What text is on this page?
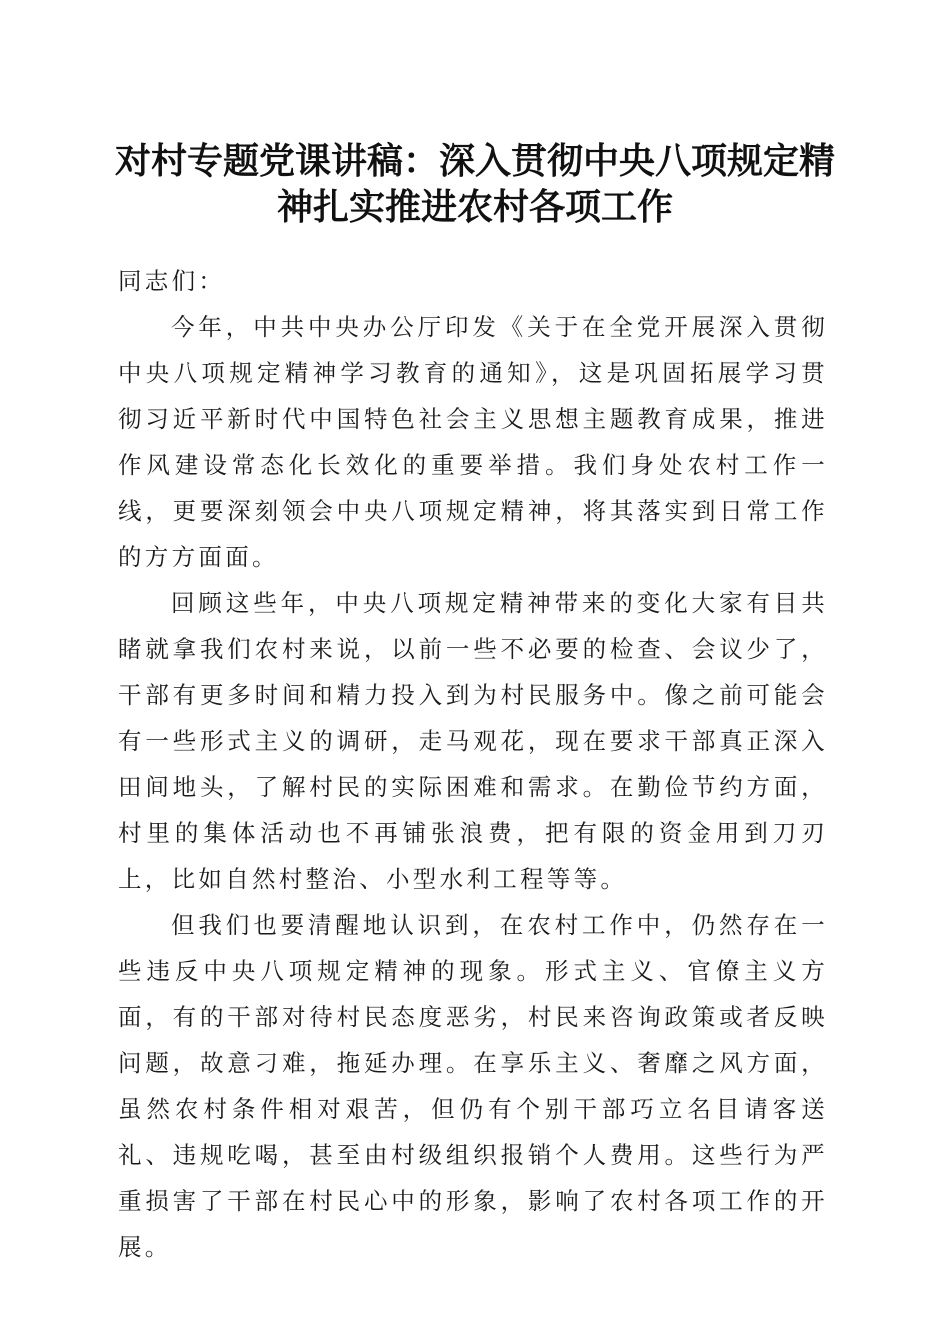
对村专题党课讲稿：深入贯彻中央八项规定精神扎实推进农村各项工作

同志们：

今年，中共中央办公厅印发《关于在全党开展深入贯彻中央八项规定精神学习教育的通知》，这是巩固拓展学习贯彻习近平新时代中国特色社会主义思想主题教育成果，推进作风建设常态化长效化的重要举措。我们身处农村工作一线，更要深刻领会中央八项规定精神，将其落实到日常工作的方方面面。

回顾这些年，中央八项规定精神带来的变化大家有目共睹就拿我们农村来说，以前一些不必要的检查、会议少了，干部有更多时间和精力投入到为村民服务中。像之前可能会有一些形式主义的调研，走马观花，现在要求干部真正深入田间地头，了解村民的实际困难和需求。在勤俭节约方面，村里的集体活动也不再铺张浪费，把有限的资金用到刀刃上，比如自然村整治、小型水利工程等等。

但我们也要清醒地认识到，在农村工作中，仍然存在一些违反中央八项规定精神的现象。形式主义、官僚主义方面，有的干部对待村民态度恶劣，村民来咨询政策或者反映问题，故意刁难，拖延办理。在享乐主义、奢靡之风方面，虽然农村条件相对艰苦，但仍有个别干部巧立名目请客送礼、违规吃喝，甚至由村级组织报销个人费用。这些行为严重损害了干部在村民心中的形象，影响了农村各项工作的开展。
